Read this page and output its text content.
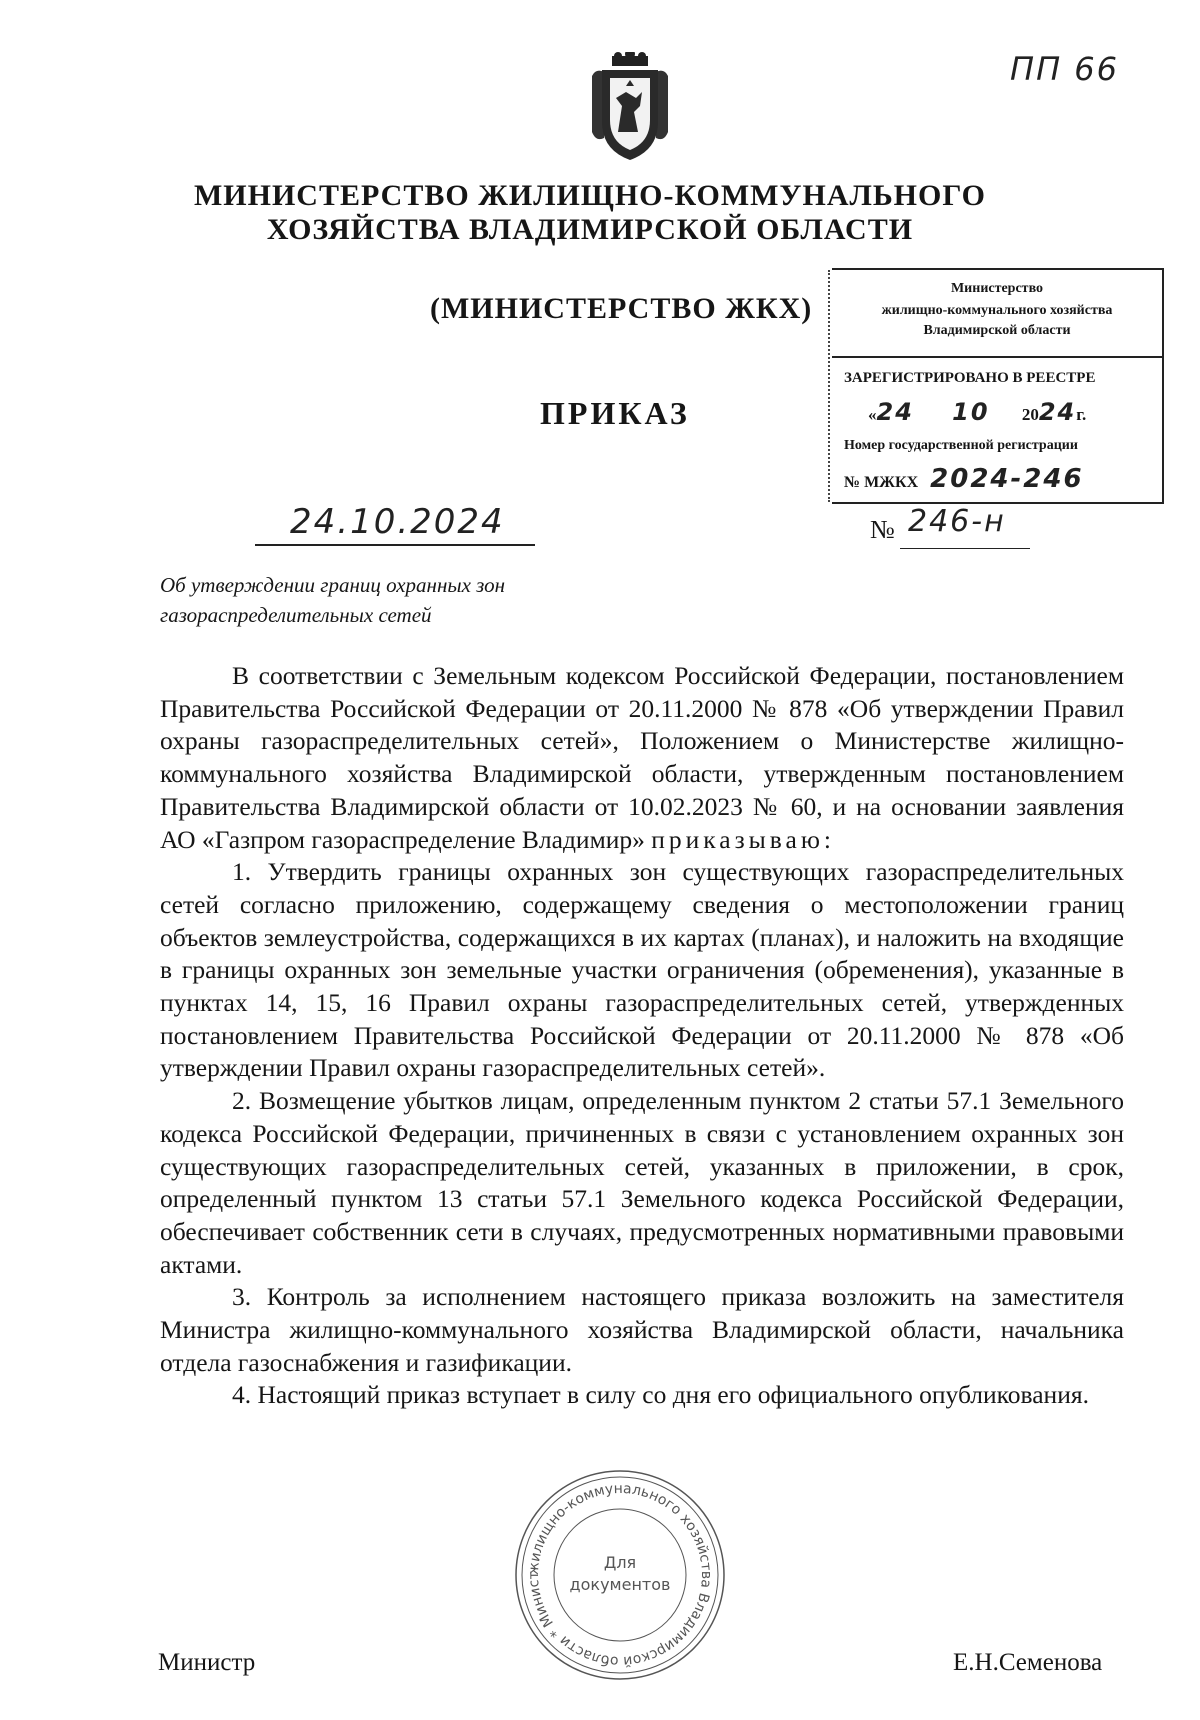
ПП 66
МИНИСТЕРСТВО ЖИЛИЩНО-КОММУНАЛЬНОГО
ХОЗЯЙСТВА ВЛАДИМИРСКОЙ ОБЛАСТИ
(МИНИСТЕРСТВО ЖКХ)
ПРИКАЗ
Министерство
жилищно-коммунального хозяйства
Владимирской области
ЗАРЕГИСТРИРОВАНО В РЕЕСТРЕ
«24 10 2024г.
Номер государственной регистрации
№ МЖКХ 2024-246
24.10.2024	№ 246-н
Об утверждении границ охранных зон
газораспределительных сетей

В соответствии с Земельным кодексом Российской Федерации, постановлением Правительства Российской Федерации от 20.11.2000 № 878 «Об утверждении Правил охраны газораспределительных сетей», Положением о Министерстве жилищно-коммунального хозяйства Владимирской области, утвержденным постановлением Правительства Владимирской области от 10.02.2023 № 60, и на основании заявления АО «Газпром газораспределение Владимир» приказываю:

1. Утвердить границы охранных зон существующих газораспределительных сетей согласно приложению, содержащему сведения о местоположении границ объектов землеустройства, содержащихся в их картах (планах), и наложить на входящие в границы охранных зон земельные участки ограничения (обременения), указанные в пунктах 14, 15, 16 Правил охраны газораспределительных сетей, утвержденных постановлением Правительства Российской Федерации от 20.11.2000 № 878 «Об утверждении Правил охраны газораспределительных сетей».

2. Возмещение убытков лицам, определенным пунктом 2 статьи 57.1 Земельного кодекса Российской Федерации, причиненных в связи с установлением охранных зон существующих газораспределительных сетей, указанных в приложении, в срок, определенный пунктом 13 статьи 57.1 Земельного кодекса Российской Федерации, обеспечивает собственник сети в случаях, предусмотренных нормативными правовыми актами.

3. Контроль за исполнением настоящего приказа возложить на заместителя Министра жилищно-коммунального хозяйства Владимирской области, начальника отдела газоснабжения и газификации.

4. Настоящий приказ вступает в силу со дня его официального опубликования.

жилищно-коммунального хозяйства Владимирской области * Минист
Для
документов
Министр	Е.Н.Семенова
